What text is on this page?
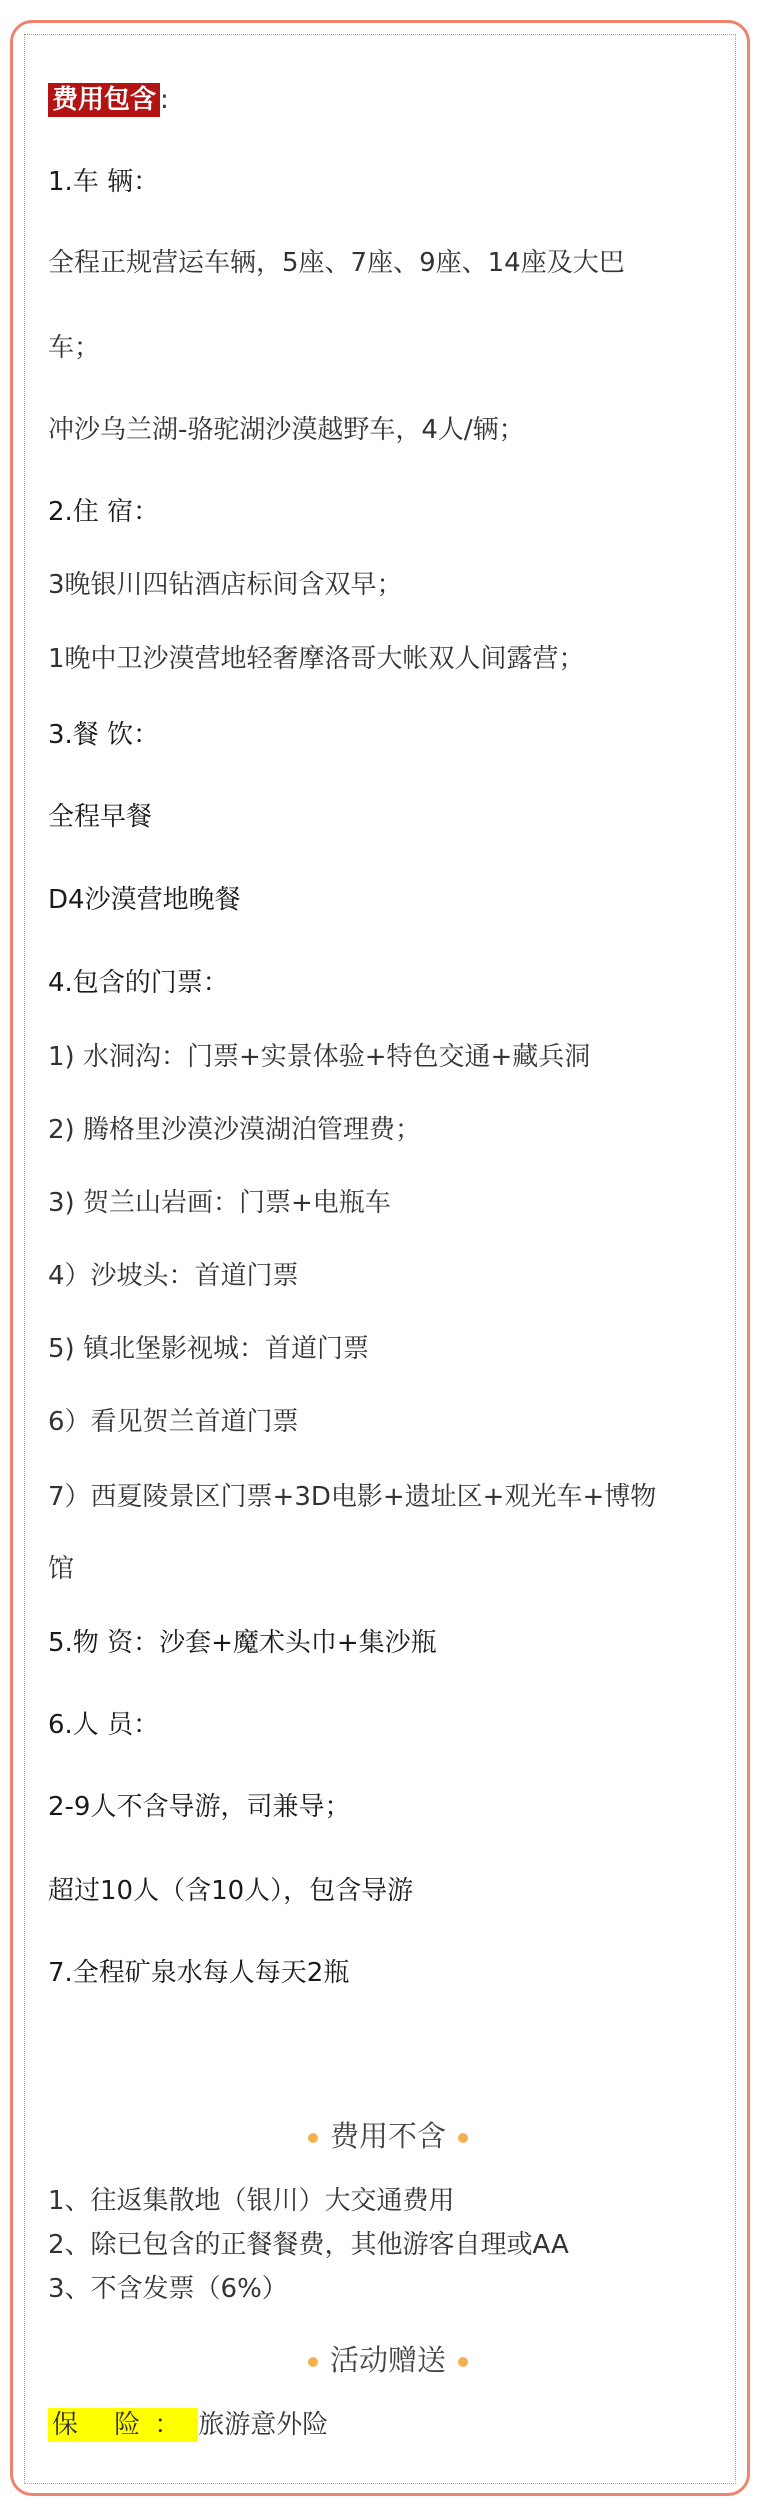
费用包含 :
1.车 辆：
全程正规营运车辆，5座、7座、9座、14座及大巴
车；
冲沙乌兰湖-骆驼湖沙漠越野车，4人/辆；
2.住 宿：
3晚银川四钻酒店标间含双早；
1晚中卫沙漠营地轻奢摩洛哥大帐双人间露营；
3.餐 饮：
全程早餐
D4沙漠营地晚餐
4.包含的门票：
1) 水洞沟：门票+实景体验+特色交通+藏兵洞
2) 腾格里沙漠沙漠湖泊管理费；
3) 贺兰山岩画：门票+电瓶车
4）沙坡头：首道门票
5) 镇北堡影视城：首道门票
6）看见贺兰首道门票
7）西夏陵景区门票+3D电影+遗址区+观光车+博物
馆
5.物 资：沙套+魔术头巾+集沙瓶
6.人 员：
2-9人不含导游，司兼导；
超过10人（含10人），包含导游
7.全程矿泉水每人每天2瓶
费用不含
1、往返集散地（银川）大交通费用
2、除已包含的正餐餐费，其他游客自理或AA
3、不含发票（6%）
活动赠送
保 险： 旅游意外险
